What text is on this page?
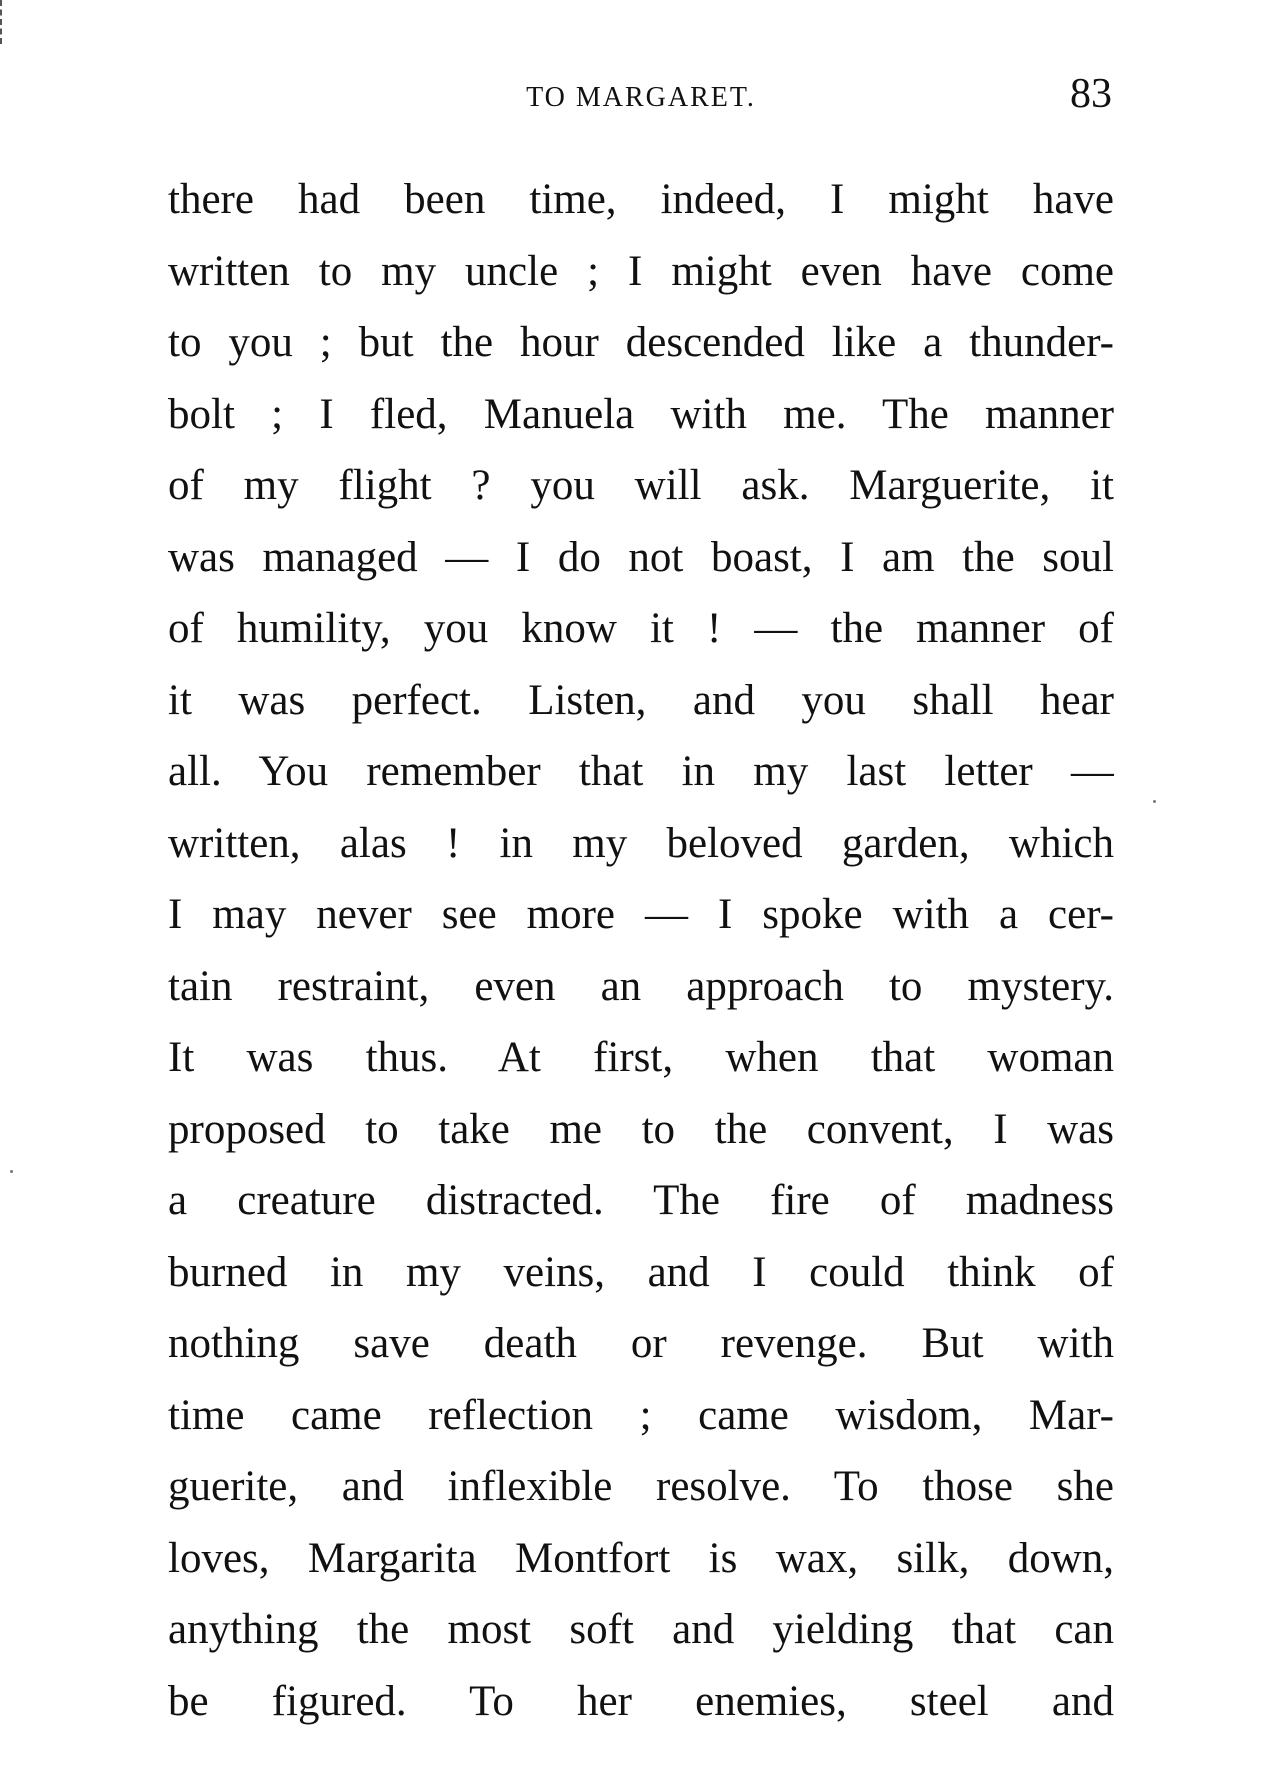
TO MARGARET.	83
there had been time, indeed, I might have
written to my uncle ; I might even have come
to you ; but the hour descended like a thunder-
bolt ; I fled, Manuela with me. The manner
of my flight ? you will ask. Marguerite, it
was managed — I do not boast, I am the soul
of humility, you know it ! — the manner of
it was perfect. Listen, and you shall hear
all. You remember that in my last letter —
written, alas ! in my beloved garden, which
I may never see more — I spoke with a cer-
tain restraint, even an approach to mystery.
It was thus. At first, when that woman
proposed to take me to the convent, I was
a creature distracted. The fire of madness
burned in my veins, and I could think of
nothing save death or revenge. But with
time came reflection ; came wisdom, Mar-
guerite, and inflexible resolve. To those she
loves, Margarita Montfort is wax, silk, down,
anything the most soft and yielding that can
be figured. To her enemies, steel and
